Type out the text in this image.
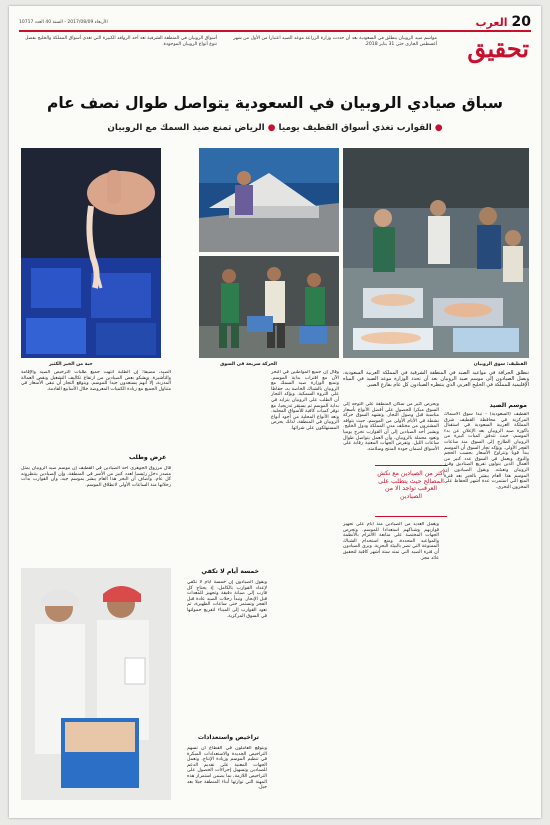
20
العرب
الأربعاء 2017/08/09 - السنة 40 العدد 10717
تحقيق
مواسم صيد الروبيان ينطلق في السعودية بعد أن حددت وزارة الزراعة موعد الصيد اعتبارا من الأول من شهر أغسطس الجاري حتى 31 يناير 2018.
أسواق الروبيان في المنطقة الشرقية تعد أحد الروافد الكبيرة التي تغذي أسواق المملكة والخليج بفضل تنوع أنواع الروبيان الموجودة.
سباق صيادي الروبيان في السعودية يتواصل طوال نصف عام
● القوارب تغذي أسواق القطيف يوميا ● الرياض تمنع صيد السمك مع الروبيان
القطيف: سوق الروبيان
الحركة سريعة في السوق
حبة من الخير الكثير
أكثر من الصيادين مع نكش المصالح حيث يتطلب على العرقب تواجد الا من الصيادين
تنطلق الجرافة في مواعيد الصيد في المنطقة الشرقية في المملكة العربية السعودية، ويصل الصيادون إلى موسم صيد الروبيان بعد أن تحدد الوزارة موعد الصيد في المياه الإقليمية للمملكة في الخليج العربي الذي ينتظره الصيادون كل عام بفارغ الصبر.
موسم الصيد
القطيف (السعودية) - تبدأ سوق الأسماك المركزية في محافظة القطيف شرق المملكة العربية السعودية في استقبال باكورة صيد الروبيان بعد الإعلان عن بدء الموسم، حيث تتدفق كميات كبيرة من الروبيان الطازج إلى السوق منذ ساعات الفجر الأولى. ويؤكد تجار السوق أن الموسم يبدأ قويا وتتراوح الأسعار بحسب الحجم والنوع. ويعمل في السوق عدد كبير من العمال الذين يتولون تفريغ الصناديق وفرز الروبيان وتعبئته. ويقول الصيادون إن الموسم هذا العام يبشر بالخير بعد فترة المنع التي استمرت عدة أشهر للحفاظ على المخزون البحري.
ويحرص كثير من سكان المنطقة على التوجه إلى السوق مبكرا للحصول على أفضل الأنواع بأسعار مناسبة قبل وصول التجار. وتشهد السوق حركة نشطة في الأيام الأولى من الموسم، حيث يتوافد المشترون من مختلف مدن المملكة ودول الخليج. ويشير أحد الصيادين إلى أن القوارب تخرج يوميا وتعود محملة بالروبيان، وأن العمل يتواصل طوال ساعات الليل. وتفرض الجهات المعنية رقابة على الأسواق لضمان جودة المنتج وسلامته.
ويعمل العديد من الصيادين منذ أيام على تجهيز قواربهم وشباكهم استعدادا للموسم. وتحرص الجهات المختصة على متابعة الالتزام بالأنظمة والمواعيد المحددة، ومنع استخدام الشباك الممنوعة التي تضر بالبيئة البحرية. ويرى الصيادون أن فترة الصيد التي تمتد ستة أشهر كافية لتحقيق عائد مجز.
وقال إن جميع المواطنين في البحر الآن مع اقتراب بداية الموسم. وتمنع الوزارة صيد السمك مع الروبيان بالشباك الخاصة به، حفاظا على الثروة السمكية. ويؤكد التجار أن الطلب على الروبيان يتزايد في بداية الموسم ثم يستقر تدريجيا، مع توفر كميات كافية للأسواق المحلية. وتعد الأنواع المحلية من أجود أنواع الروبيان في المنطقة، لذلك يحرص المستهلكون على شرائها.
خمسة أيام لا تكفي
ويقول الصيادون إن خمسة أيام لا تكفي لإعداد القوارب بالكامل، إذ يحتاج كل قارب إلى صيانة دقيقة وتجهيز للمعدات قبل الإبحار. وتبدأ رحلات الصيد عادة قبل الفجر وتستمر حتى ساعات الظهيرة، ثم تعود القوارب إلى الميناء لتفريغ حمولتها في السوق المركزية.
تراخيص واستعدادات
ويتوقع العاملون في القطاع أن تسهم التراخيص الجديدة والاستعدادات المبكرة في تنظيم الموسم وزيادة الإنتاج. وتعمل الجهات المعنية على تقديم الدعم للصيادين وتسهيل إجراءات الحصول على التراخيص اللازمة، بما يضمن استمرار هذه المهنة التي توارثها أبناء المنطقة جيلا بعد جيل.
الصيد، مضيفا: إن الطلبة انتهت جميع طلبات الترخيص الصيد والإقامة والتأشيرة. ويشكو بعض الصيادين من ارتفاع تكاليف التشغيل ونقص العمالة المدربة، إلا أنهم يستعدون جيدا للموسم. ويتوقع التجار أن تبقى الأسعار في متناول الجميع مع زيادة الكميات المعروضة خلال الأسابيع القادمة.
عرض وطلب
قال مرزوق الجوهري أحد الصيادين في القطيف إن موسم صيد الروبيان يمثل مصدر دخل رئيسيا لعدد كبير من الأسر في المنطقة، وإن الصيادين ينتظرونه كل عام. وأضاف أن البحر هذا العام يبشر بموسم جيد، وأن القوارب بدأت رحلاتها منذ الساعات الأولى لانطلاق الموسم.
